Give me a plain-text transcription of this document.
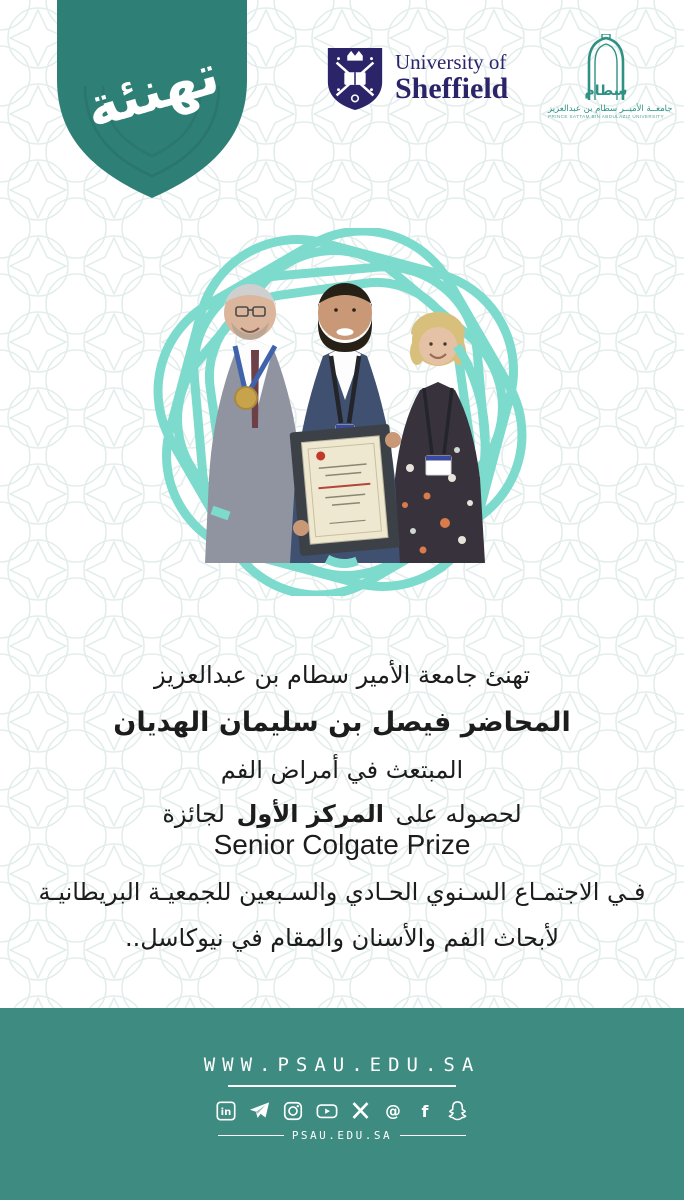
تهنئة	University of
Sheffield	سطام
جامعــة الأميــر سطام بن عبدالعزيز
PRINCE SATTAM BIN ABDULAZIZ UNIVERSITY
تهنئ جامعة الأمير سطام بن عبدالعزيز
المحاضر فيصل بن سليمان الهديان
المبتعث في أمراض الفم
لحصوله على المركز الأول لجائزة Senior Colgate Prize
فـي الاجتمـاع السـنوي الحـادي والسـبعين للجمعيـة البريطانيـة
لأبحاث الفم والأسنان والمقام في نيوكاسل..
WWW.PSAU.EDU.SA
in	@ f
PSAU.EDU.SA
